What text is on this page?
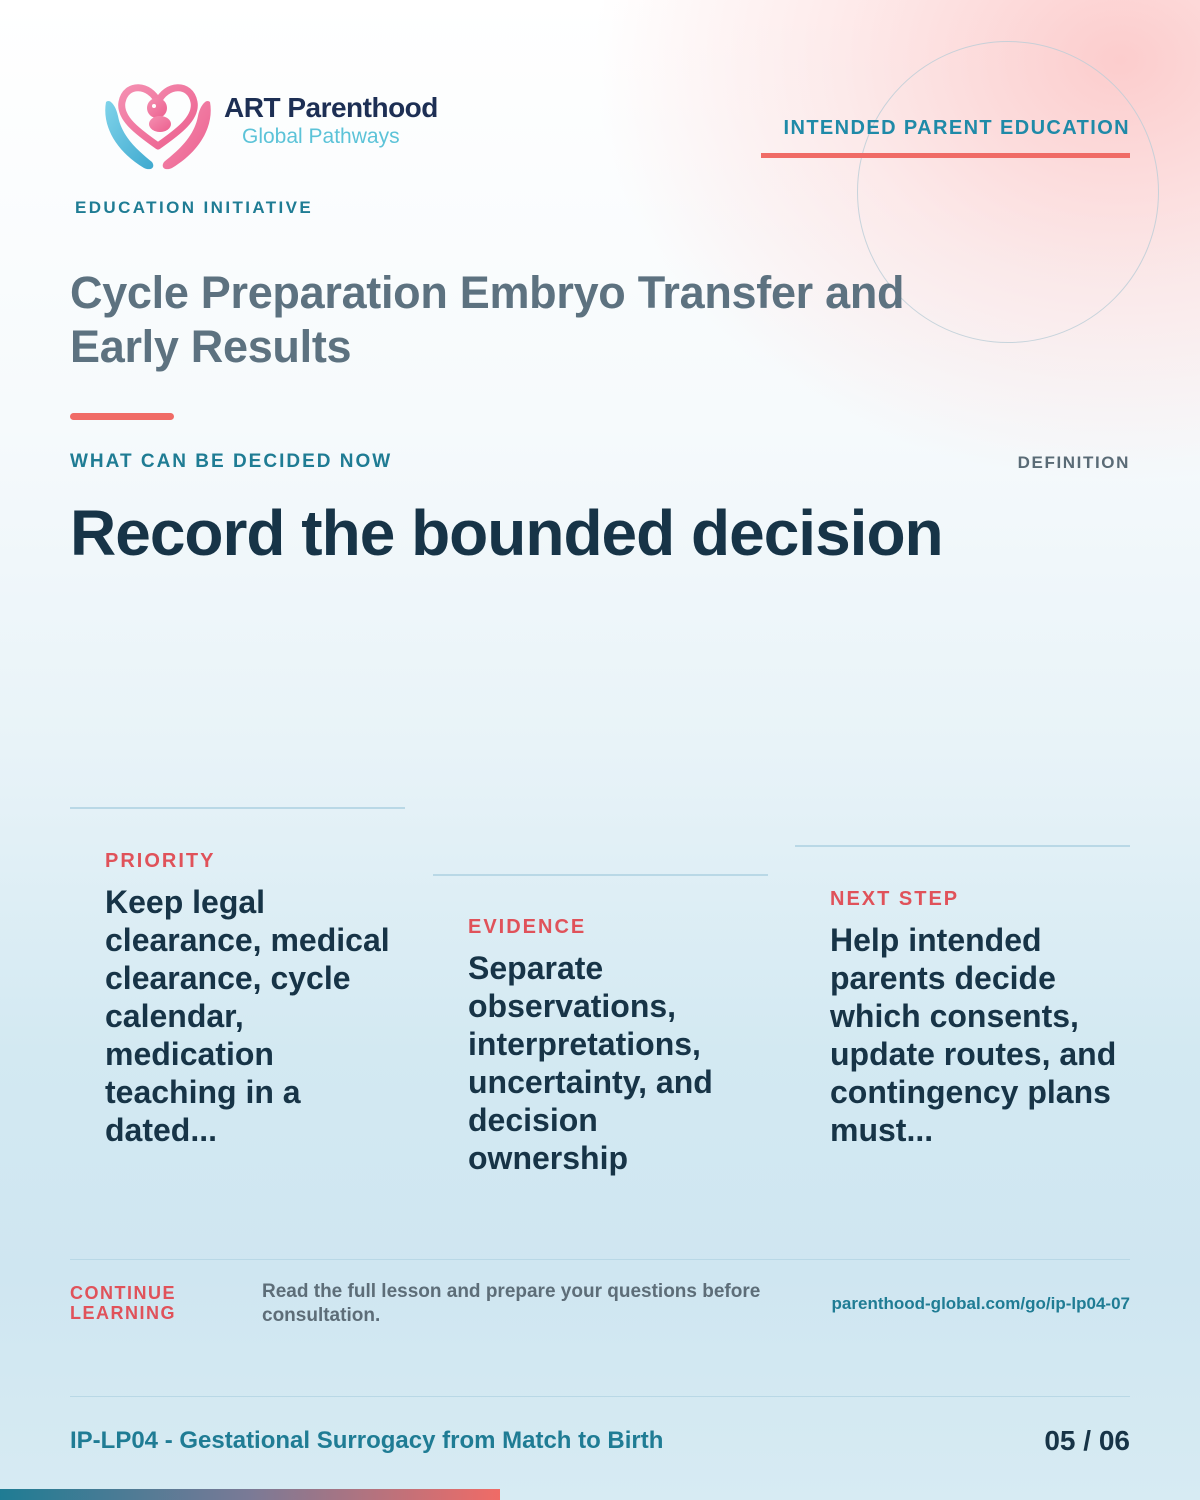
ART Parenthood
Global Pathways	INTENDED PARENT EDUCATION
EDUCATION INITIATIVE
Cycle Preparation Embryo Transfer and Early Results
WHAT CAN BE DECIDED NOW	DEFINITION
Record the bounded decision
PRIORITY
Keep legal clearance, medical clearance, cycle calendar, medication teaching in a dated...
EVIDENCE
Separate observations, interpretations, uncertainty, and decision ownership
NEXT STEP
Help intended parents decide which consents, update routes, and contingency plans must...
CONTINUE LEARNING
Read the full lesson and prepare your questions before consultation.
parenthood-global.com/go/ip-lp04-07
IP-LP04 - Gestational Surrogacy from Match to Birth	05 / 06
